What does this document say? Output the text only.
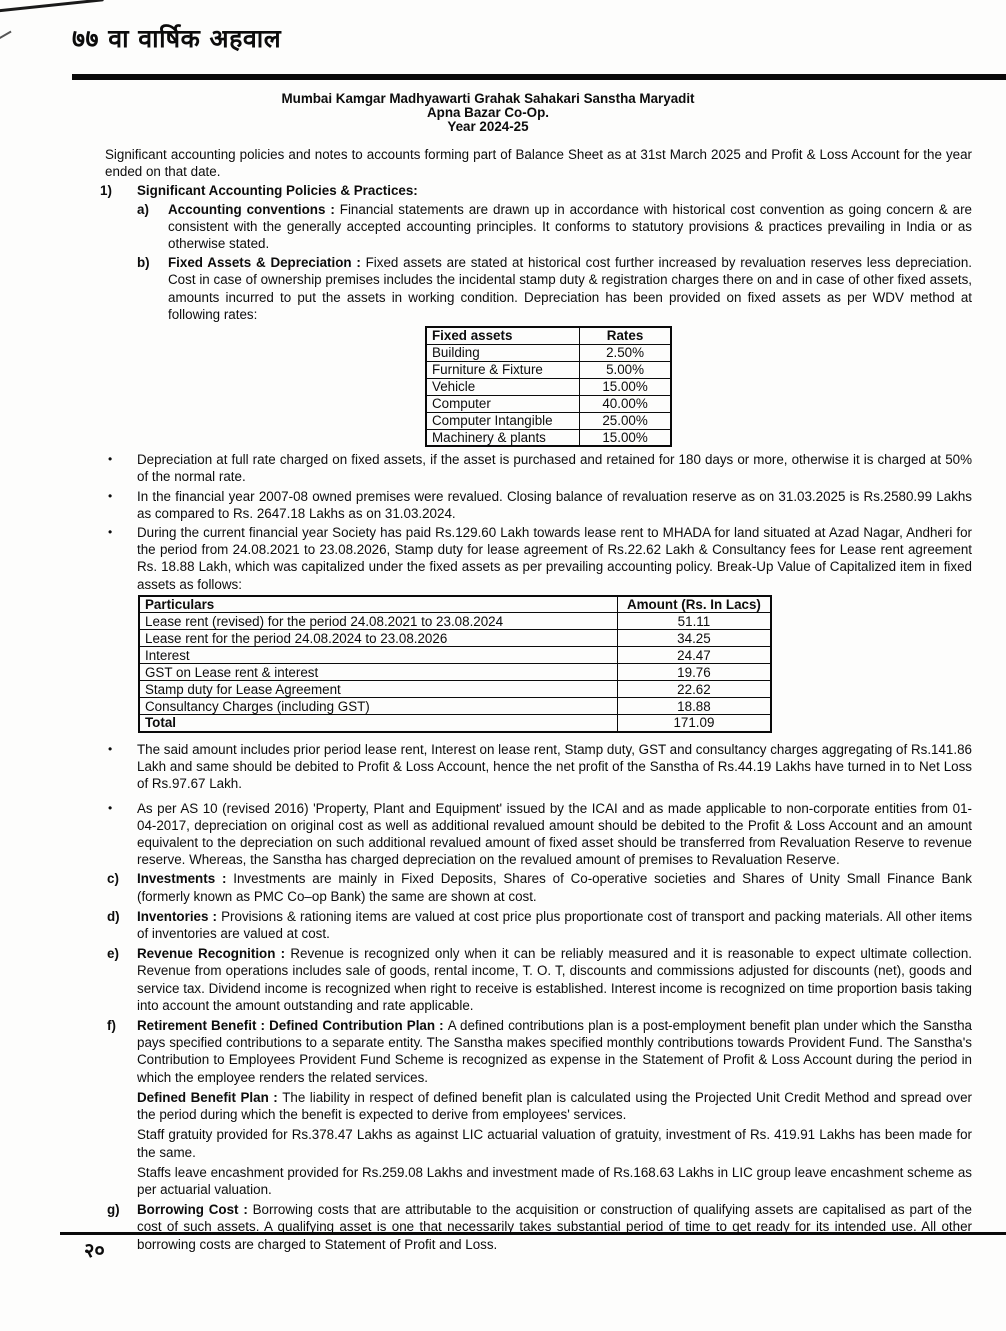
७७ वा वार्षिक अहवाल
Mumbai Kamgar Madhyawarti Grahak Sahakari Sanstha Maryadit
Apna Bazar Co-Op.
Year 2024-25

Significant accounting policies and notes to accounts forming part of Balance Sheet as at 31st March 2025 and Profit & Loss Account for the year ended on that date.

1)	Significant Accounting Policies & Practices:
a)	Accounting conventions : Financial statements are drawn up in accordance with historical cost convention as going concern & are consistent with the generally accepted accounting principles. It conforms to statutory provisions & practices prevailing in India or as otherwise stated.
b)	Fixed Assets & Depreciation : Fixed assets are stated at historical cost further increased by revaluation reserves less depreciation. Cost in case of ownership premises includes the incidental stamp duty & registration charges there on and in case of other fixed assets, amounts incurred to put the assets in working condition. Depreciation has been provided on fixed assets as per WDV method at following rates:
Fixed assets	Rates
Building	2.50%
Furniture & Fixture	5.00%
Vehicle	15.00%
Computer	40.00%
Computer Intangible	25.00%
Machinery & plants	15.00%
•	Depreciation at full rate charged on fixed assets, if the asset is purchased and retained for 180 days or more, otherwise it is charged at 50% of the normal rate.
•	In the financial year 2007-08 owned premises were revalued. Closing balance of revaluation reserve as on 31.03.2025 is Rs.2580.99 Lakhs as compared to Rs. 2647.18 Lakhs as on 31.03.2024.
•	During the current financial year Society has paid Rs.129.60 Lakh towards lease rent to MHADA for land situated at Azad Nagar, Andheri for the period from 24.08.2021 to 23.08.2026, Stamp duty for lease agreement of Rs.22.62 Lakh & Consultancy fees for Lease rent agreement Rs. 18.88 Lakh, which was capitalized under the fixed assets as per prevailing accounting policy. Break-Up Value of Capitalized item in fixed assets as follows:
Particulars	Amount (Rs. In Lacs)
Lease rent (revised) for the period 24.08.2021 to 23.08.2024	51.11
Lease rent for the period 24.08.2024 to 23.08.2026	34.25
Interest	24.47
GST on Lease rent & interest	19.76
Stamp duty for Lease Agreement	22.62
Consultancy Charges (including GST)	18.88
Total	171.09
•	The said amount includes prior period lease rent, Interest on lease rent, Stamp duty, GST and consultancy charges aggregating of Rs.141.86 Lakh and same should be debited to Profit & Loss Account, hence the net profit of the Sanstha of Rs.44.19 Lakhs have turned in to Net Loss of Rs.97.67 Lakh.
•	As per AS 10 (revised 2016) 'Property, Plant and Equipment' issued by the ICAI and as made applicable to non-corporate entities from 01-04-2017, depreciation on original cost as well as additional revalued amount should be debited to the Profit & Loss Account and an amount equivalent to the depreciation on such additional revalued amount of fixed asset should be transferred from Revaluation Reserve to revenue reserve. Whereas, the Sanstha has charged depreciation on the revalued amount of premises to Revaluation Reserve.
c)	Investments : Investments are mainly in Fixed Deposits, Shares of Co-operative societies and Shares of Unity Small Finance Bank (formerly known as PMC Co–op Bank) the same are shown at cost.
d)	Inventories : Provisions & rationing items are valued at cost price plus proportionate cost of transport and packing materials. All other items of inventories are valued at cost.
e)	Revenue Recognition : Revenue is recognized only when it can be reliably measured and it is reasonable to expect ultimate collection. Revenue from operations includes sale of goods, rental income, T. O. T, discounts and commissions adjusted for discounts (net), goods and service tax. Dividend income is recognized when right to receive is established. Interest income is recognized on time proportion basis taking into account the amount outstanding and rate applicable.
f)	Retirement Benefit : Defined Contribution Plan : A defined contributions plan is a post-employment benefit plan under which the Sanstha pays specified contributions to a separate entity. The Sanstha makes specified monthly contributions towards Provident Fund. The Sanstha's Contribution to Employees Provident Fund Scheme is recognized as expense in the Statement of Profit & Loss Account during the period in which the employee renders the related services.

Defined Benefit Plan : The liability in respect of defined benefit plan is calculated using the Projected Unit Credit Method and spread over the period during which the benefit is expected to derive from employees' services.

Staff gratuity provided for Rs.378.47 Lakhs as against LIC actuarial valuation of gratuity, investment of Rs. 419.91 Lakhs has been made for the same.

Staffs leave encashment provided for Rs.259.08 Lakhs and investment made of Rs.168.63 Lakhs in LIC group leave encashment scheme as per actuarial valuation.

g)	Borrowing Cost : Borrowing costs that are attributable to the acquisition or construction of qualifying assets are capitalised as part of the cost of such assets. A qualifying asset is one that necessarily takes substantial period of time to get ready for its intended use. All other borrowing costs are charged to Statement of Profit and Loss.
२०
